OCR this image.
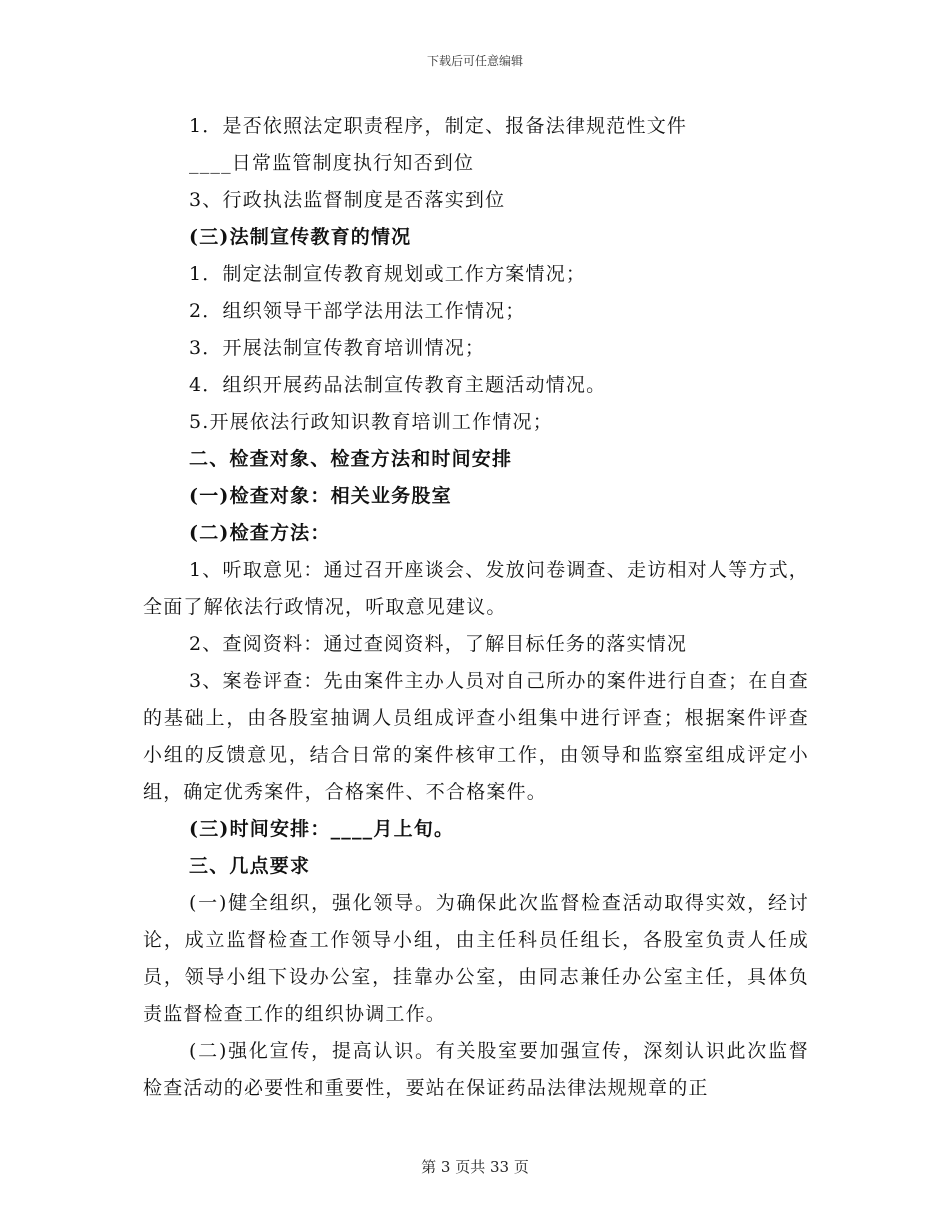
下载后可任意编辑

1．是否依照法定职责程序，制定、报备法律规范性文件

____日常监管制度执行知否到位

3、行政执法监督制度是否落实到位

(三)法制宣传教育的情况

1．制定法制宣传教育规划或工作方案情况；

2．组织领导干部学法用法工作情况；

3．开展法制宣传教育培训情况；

4．组织开展药品法制宣传教育主题活动情况。

5.开展依法行政知识教育培训工作情况；

二、检查对象、检查方法和时间安排

(一)检查对象：相关业务股室

(二)检查方法：

1、听取意见：通过召开座谈会、发放问卷调查、走访相对人等方式，全面了解依法行政情况，听取意见建议。

2、查阅资料：通过查阅资料，了解目标任务的落实情况

3、案卷评查：先由案件主办人员对自己所办的案件进行自查；在自查的基础上，由各股室抽调人员组成评查小组集中进行评查；根据案件评查小组的反馈意见，结合日常的案件核审工作，由领导和监察室组成评定小组，确定优秀案件，合格案件、不合格案件。

(三)时间安排：____月上旬。

三、几点要求

(一)健全组织，强化领导。为确保此次监督检查活动取得实效，经讨论，成立监督检查工作领导小组，由主任科员任组长，各股室负责人任成员，领导小组下设办公室，挂靠办公室，由同志兼任办公室主任，具体负责监督检查工作的组织协调工作。

(二)强化宣传，提高认识。有关股室要加强宣传，深刻认识此次监督检查活动的必要性和重要性，要站在保证药品法律法规规章的正

第 3 页共 33 页
